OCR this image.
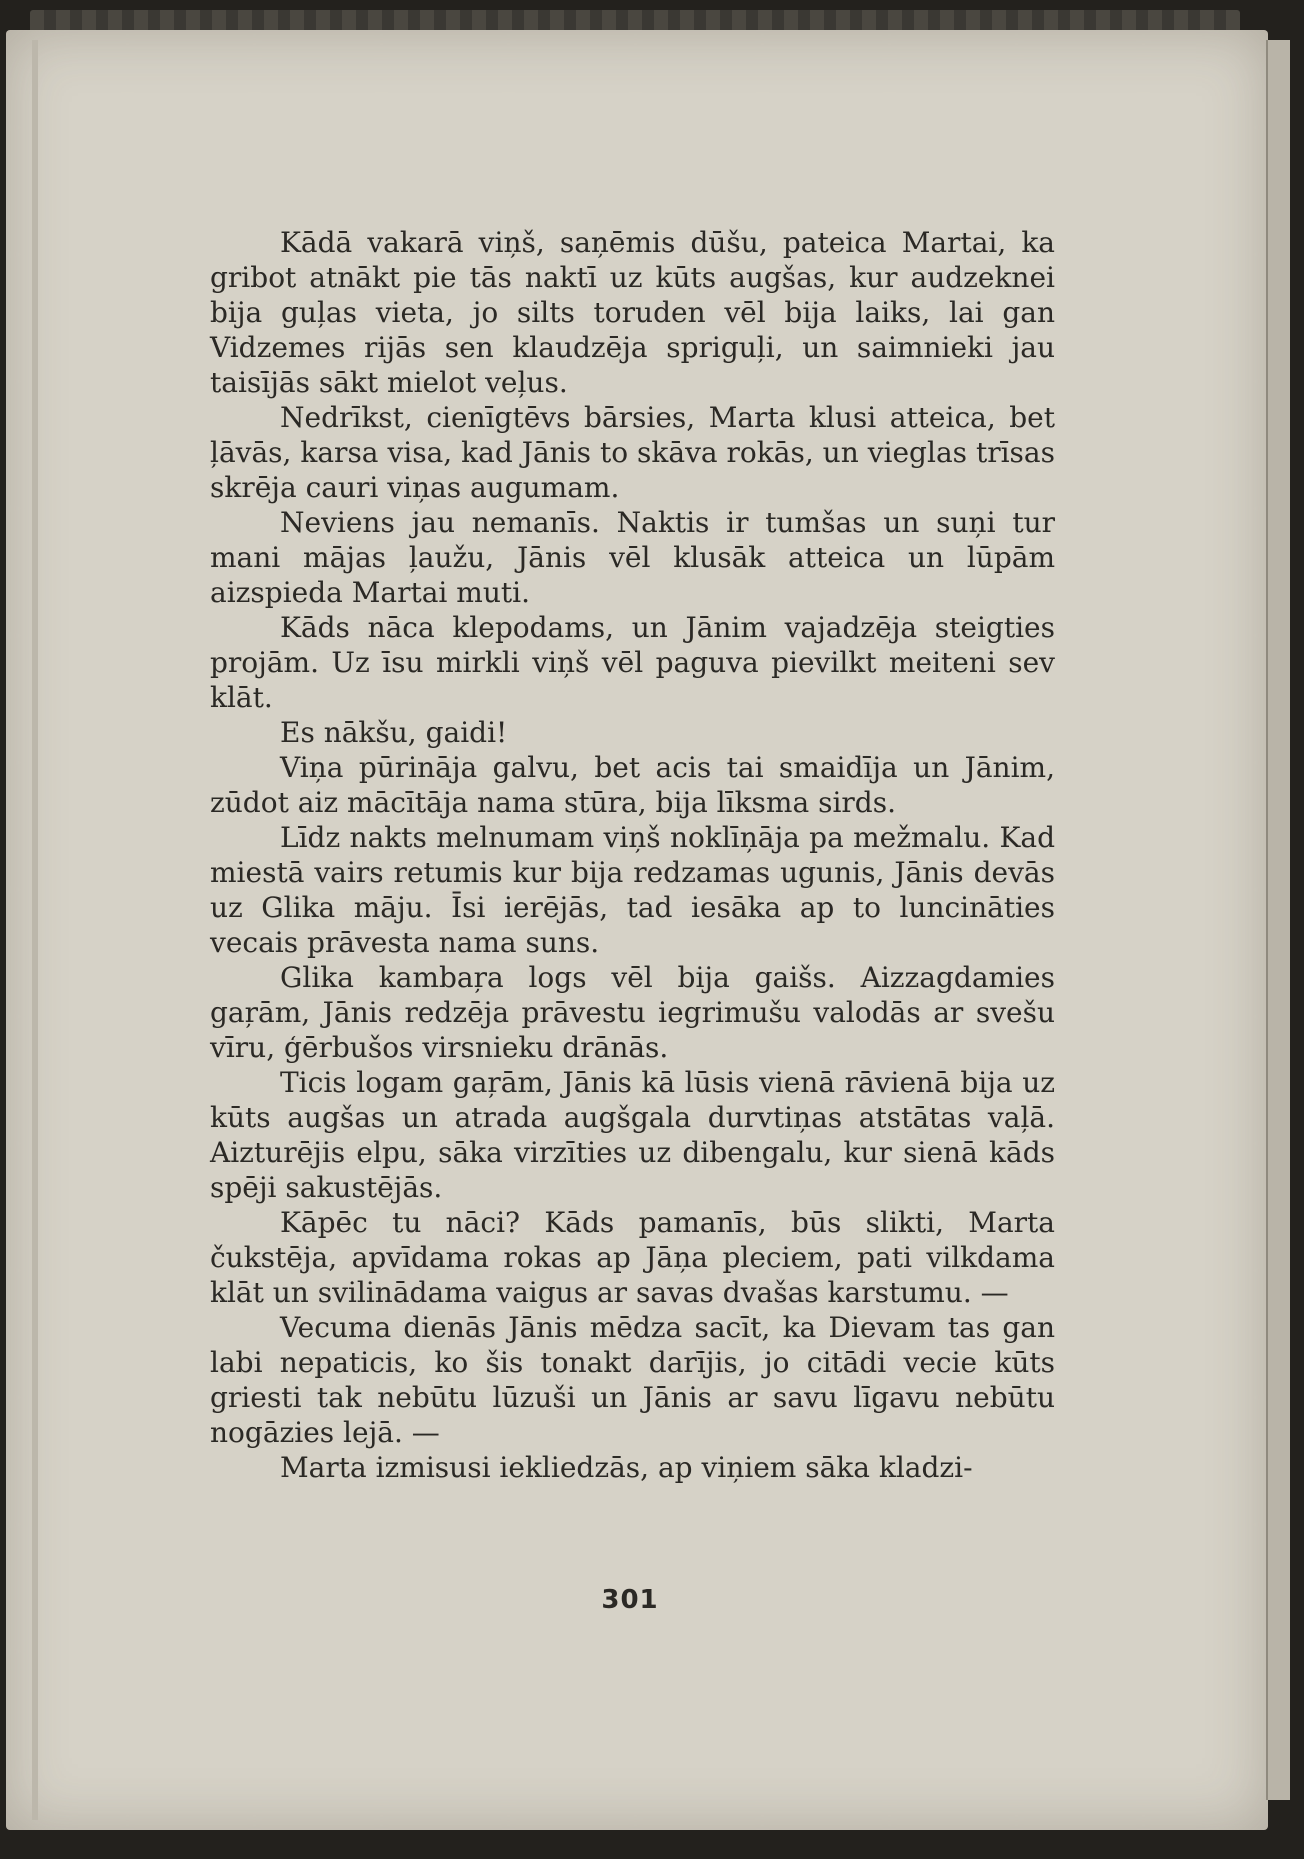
Kādā vakarā viņš, saņēmis dūšu, pateica Martai, ka gribot atnākt pie tās naktī uz kūts augšas, kur audzeknei bija guļas vieta, jo silts toruden vēl bija laiks, lai gan Vidzemes rijās sen klaudzēja spriguļi, un saimnieki jau taisījās sākt mielot veļus.

Nedrīkst, cienīgtēvs bārsies, Marta klusi atteica, bet ļāvās, karsa visa, kad Jānis to skāva rokās, un vieglas trīsas skrēja cauri viņas augumam.

Neviens jau nemanīs. Naktis ir tumšas un suņi tur mani mājas ļaužu, Jānis vēl klusāk atteica un lūpām aizspieda Martai muti.

Kāds nāca klepodams, un Jānim vajadzēja steigties projām. Uz īsu mirkli viņš vēl paguva pievilkt meiteni sev klāt.

Es nākšu, gaidi!

Viņa pūrināja galvu, bet acis tai smaidīja un Jānim, zūdot aiz mācītāja nama stūra, bija līksma sirds.

Līdz nakts melnumam viņš noklīņāja pa mežmalu. Kad miestā vairs retumis kur bija redzamas ugunis, Jānis devās uz Glika māju. Īsi ierējās, tad iesāka ap to luncināties vecais prāvesta nama suns.

Glika kambaŗa logs vēl bija gaišs. Aizzagdamies gaŗām, Jānis redzēja prāvestu iegrimušu valodās ar svešu vīru, ģērbušos virsnieku drānās.

Ticis logam gaŗām, Jānis kā lūsis vienā rāvienā bija uz kūts augšas un atrada augšgala durvtiņas atstātas vaļā. Aizturējis elpu, sāka virzīties uz dibengalu, kur sienā kāds spēji sakustējās.

Kāpēc tu nāci? Kāds pamanīs, būs slikti, Marta čukstēja, apvīdama rokas ap Jāņa pleciem, pati vilkdama klāt un svilinādama vaigus ar savas dvašas karstumu. —

Vecuma dienās Jānis mēdza sacīt, ka Dievam tas gan labi nepaticis, ko šis tonakt darījis, jo citādi vecie kūts griesti tak nebūtu lūzuši un Jānis ar savu līgavu nebūtu nogāzies lejā. —

Marta izmisusi iekliedzās, ap viņiem sāka kladzi-

301
